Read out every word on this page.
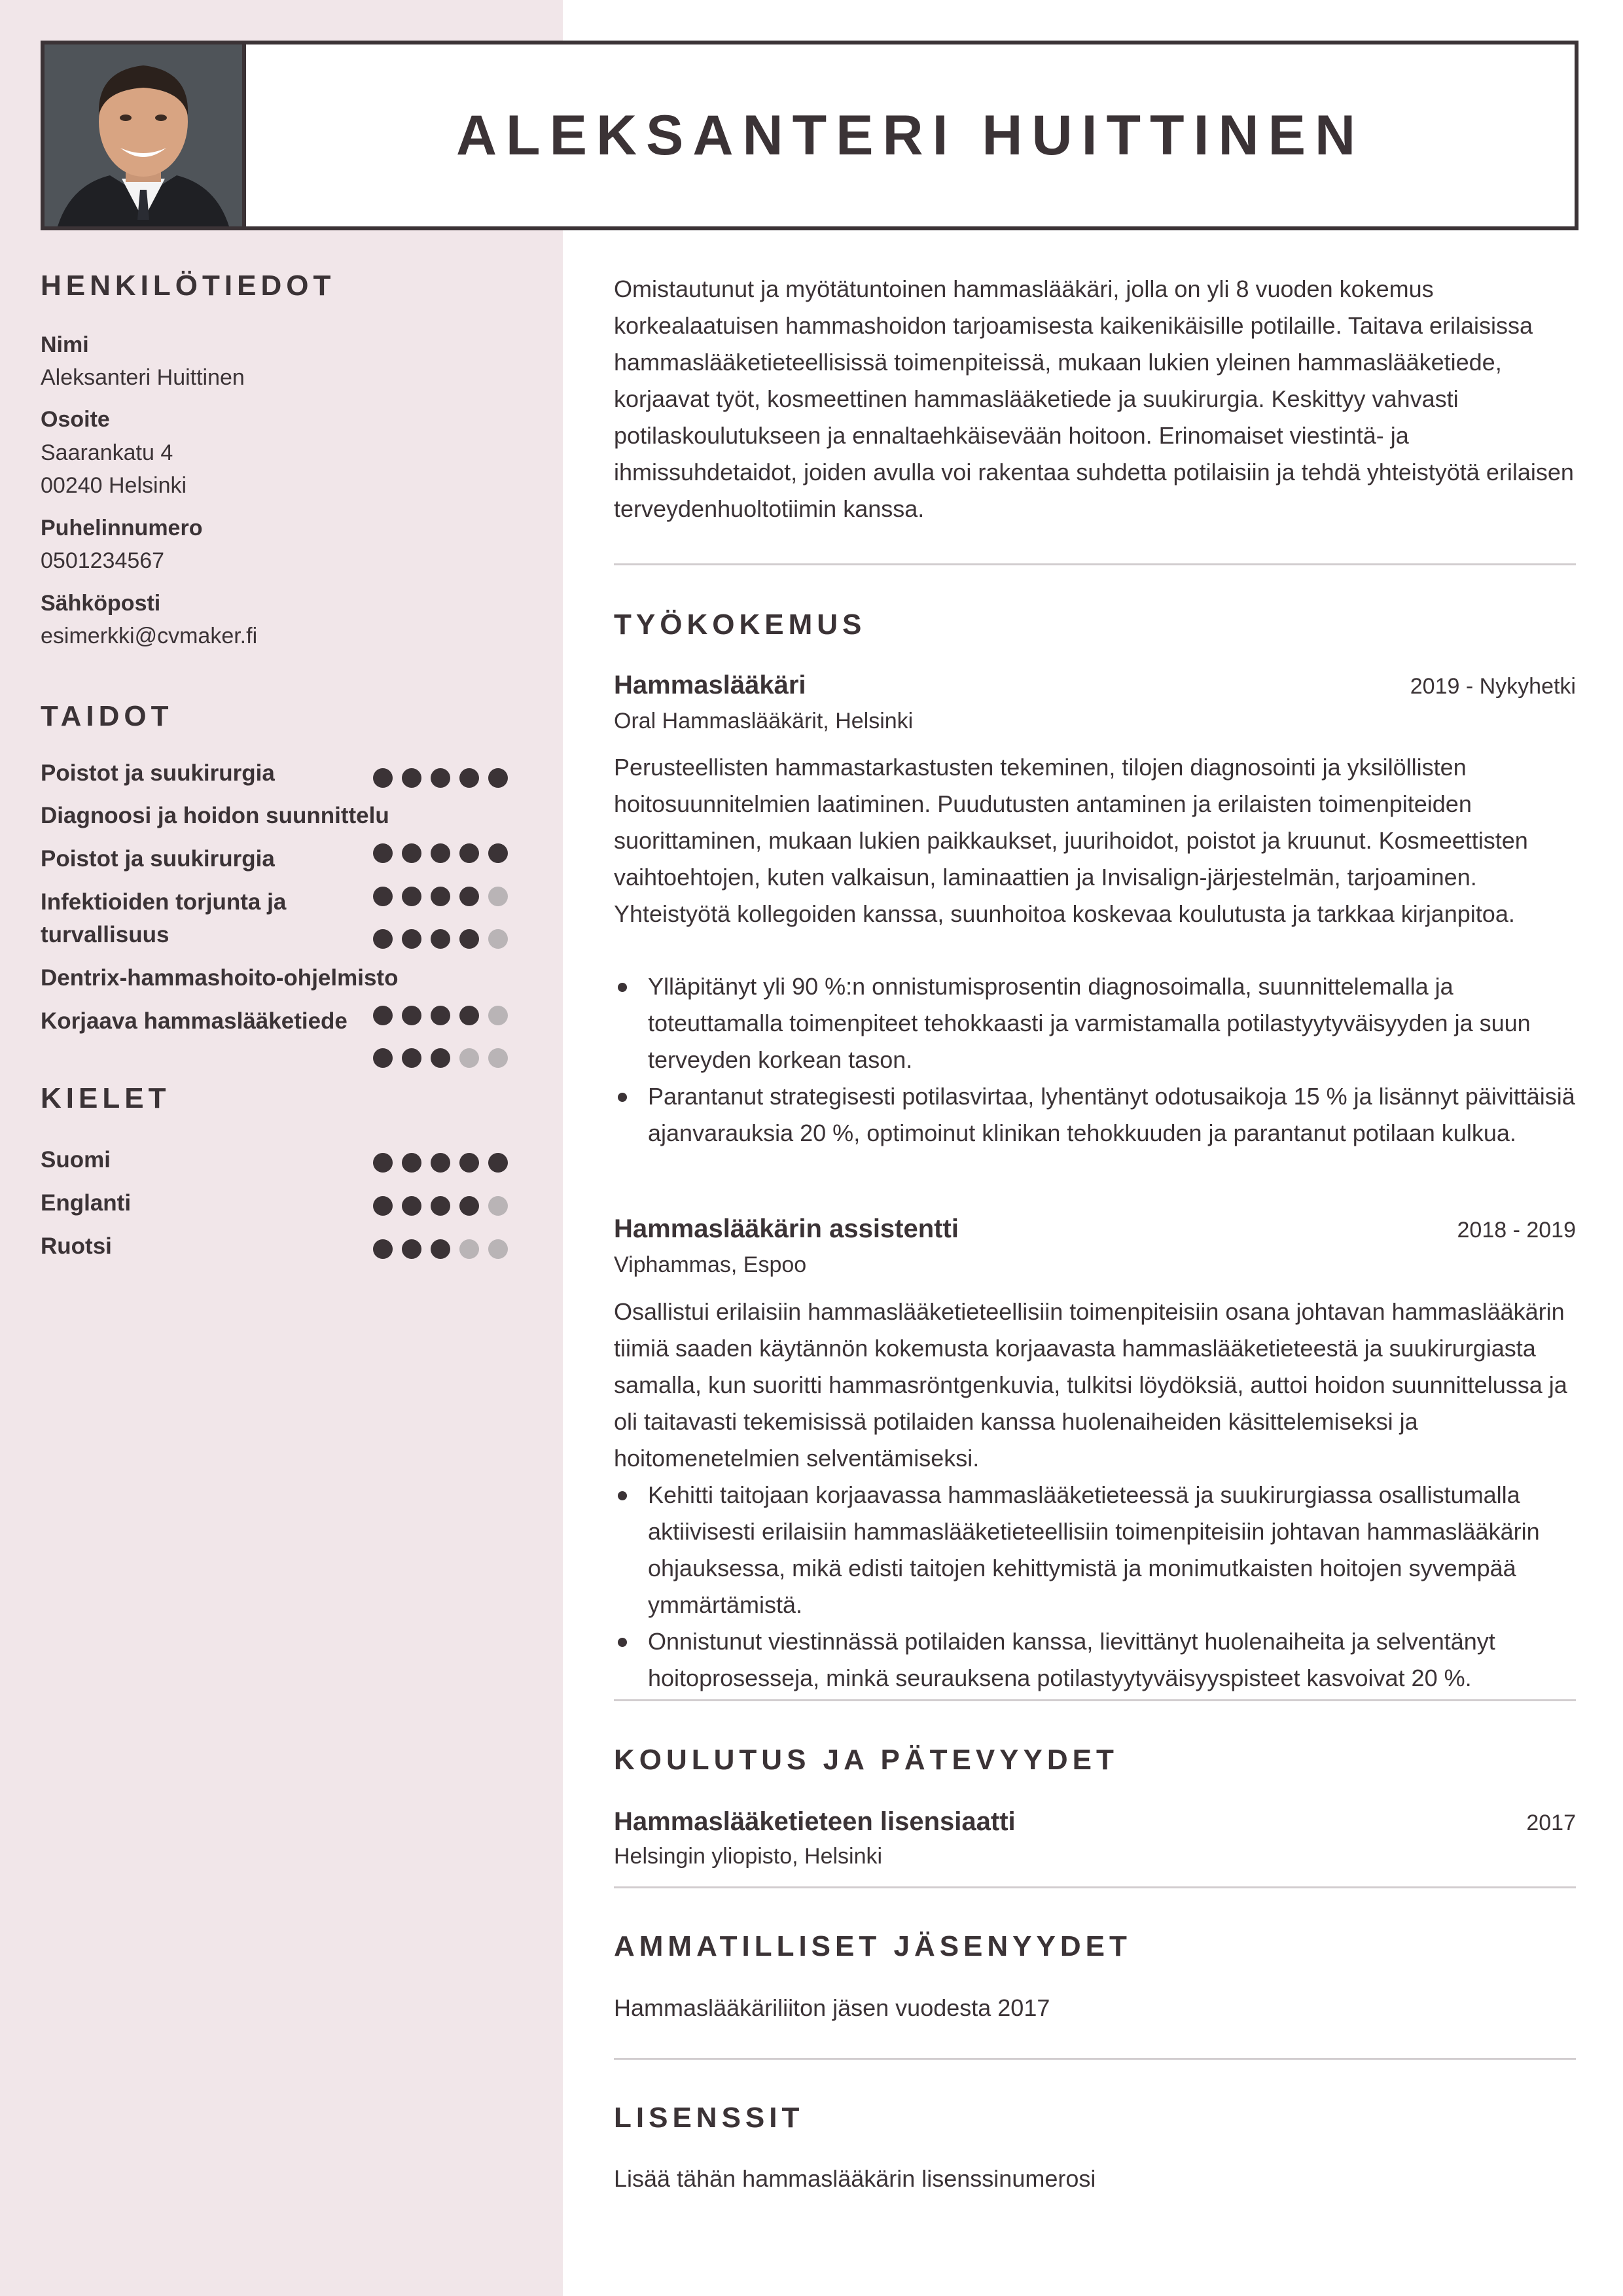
ALEKSANTERI HUITTINEN
HENKILÖTIEDOT
Nimi
Aleksanteri Huittinen
Osoite
Saarankatu 4
00240 Helsinki
Puhelinnumero
0501234567
Sähköposti
esimerkki@cvmaker.fi
TAIDOT
Poistot ja suukirurgia
Diagnoosi ja hoidon suunnittelu
Poistot ja suukirurgia
Infektioiden torjunta ja turvallisuus
Dentrix-hammashoito-ohjelmisto
Korjaava hammaslääketiede
KIELET
Suomi
Englanti
Ruotsi
Omistautunut ja myötätuntoinen hammaslääkäri, jolla on yli 8 vuoden kokemus korkealaatuisen hammashoidon tarjoamisesta kaikenikäisille potilaille. Taitava erilaisissa hammaslääketieteellisissä toimenpiteissä, mukaan lukien yleinen hammaslääketiede, korjaavat työt, kosmeettinen hammaslääketiede ja suukirurgia. Keskittyy vahvasti potilaskoulutukseen ja ennaltaehkäisevään hoitoon. Erinomaiset viestintä- ja ihmissuhdetaidot, joiden avulla voi rakentaa suhdetta potilaisiin ja tehdä yhteistyötä erilaisen terveydenhuoltotiimin kanssa.
TYÖKOKEMUS
Hammaslääkäri	2019 - Nykyhetki
Oral Hammaslääkärit, Helsinki
Perusteellisten hammastarkastusten tekeminen, tilojen diagnosointi ja yksilöllisten hoitosuunnitelmien laatiminen. Puudutusten antaminen ja erilaisten toimenpiteiden suorittaminen, mukaan lukien paikkaukset, juurihoidot, poistot ja kruunut. Kosmeettisten vaihtoehtojen, kuten valkaisun, laminaattien ja Invisalign-järjestelmän, tarjoaminen. Yhteistyötä kollegoiden kanssa, suunhoitoa koskevaa koulutusta ja tarkkaa kirjanpitoa.
Ylläpitänyt yli 90 %:n onnistumisprosentin diagnosoimalla, suunnittelemalla ja toteuttamalla toimenpiteet tehokkaasti ja varmistamalla potilastyytyväisyyden ja suun terveyden korkean tason.
Parantanut strategisesti potilasvirtaa, lyhentänyt odotusaikoja 15 % ja lisännyt päivittäisiä ajanvarauksia 20 %, optimoinut klinikan tehokkuuden ja parantanut potilaan kulkua.
Hammaslääkärin assistentti	2018 - 2019
Viphammas, Espoo
Osallistui erilaisiin hammaslääketieteellisiin toimenpiteisiin osana johtavan hammaslääkärin tiimiä saaden käytännön kokemusta korjaavasta hammaslääketieteestä ja suukirurgiasta samalla, kun suoritti hammasröntgenkuvia, tulkitsi löydöksiä, auttoi hoidon suunnittelussa ja oli taitavasti tekemisissä potilaiden kanssa huolenaiheiden käsittelemiseksi ja hoitomenetelmien selventämiseksi.
Kehitti taitojaan korjaavassa hammaslääketieteessä ja suukirurgiassa osallistumalla aktiivisesti erilaisiin hammaslääketieteellisiin toimenpiteisiin johtavan hammaslääkärin ohjauksessa, mikä edisti taitojen kehittymistä ja monimutkaisten hoitojen syvempää ymmärtämistä.
Onnistunut viestinnässä potilaiden kanssa, lievittänyt huolenaiheita ja selventänyt hoitoprosesseja, minkä seurauksena potilastyytyväisyyspisteet kasvoivat 20 %.
KOULUTUS JA PÄTEVYYDET
Hammaslääketieteen lisensiaatti	2017
Helsingin yliopisto, Helsinki
AMMATILLISET JÄSENYYDET
Hammaslääkäriliiton jäsen vuodesta 2017
LISENSSIT
Lisää tähän hammaslääkärin lisenssinumerosi
